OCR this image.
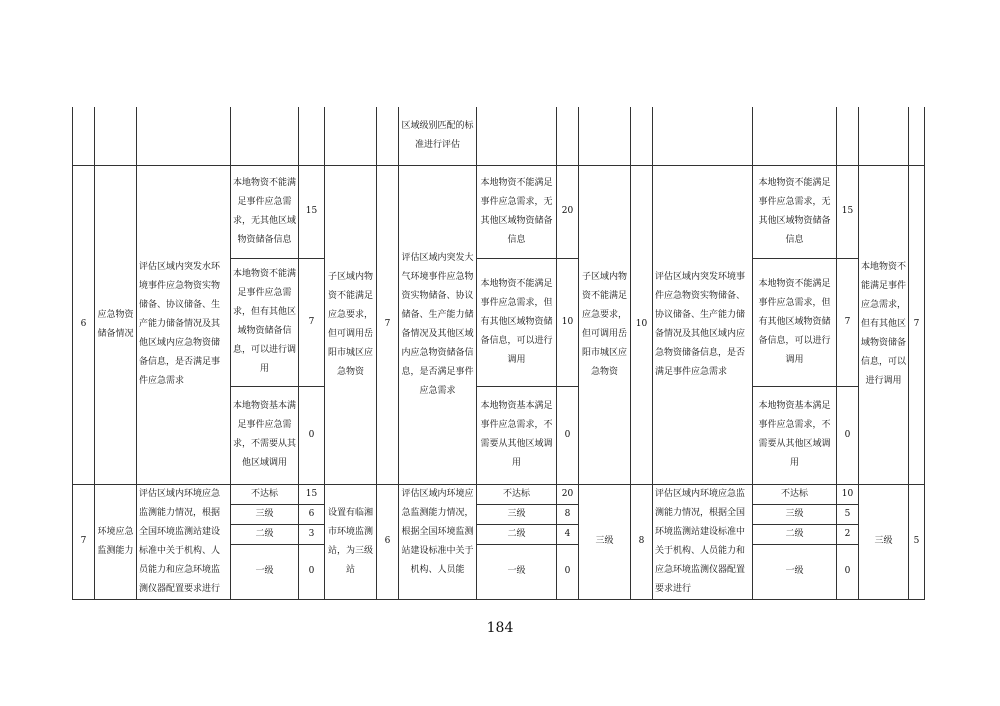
							区域级别匹配的标准进行评估									
6	应急物资储备情况	评估区域内突发水环境事件应急物资实物储备、协议储备、生产能力储备情况及其他区域内应急物资储备信息，是否满足事件应急需求	本地物资不能满足事件应急需求，无其他区域物资储备信息	15	子区域内物资不能满足应急要求，但可调用岳阳市城区应急物资	7	评估区域内突发大气环境事件应急物资实物储备、协议储备、生产能力储备情况及其他区域内应急物资储备信息，是否满足事件应急需求	本地物资不能满足事件应急需求，无其他区域物资储备信息	20	子区域内物资不能满足应急要求，但可调用岳阳市城区应急物资	10	评估区域内突发环境事件应急物资实物储备、协议储备、生产能力储备情况及其他区域内应急物资储备信息，是否满足事件应急需求	本地物资不能满足事件应急需求，无其他区域物资储备信息	15	本地物资不能满足事件应急需求，但有其他区域物资储备信息，可以进行调用	7
			本地物资不能满足事件应急需求，但有其他区域物资储备信息，可以进行调用	7				本地物资不能满足事件应急需求，但有其他区域物资储备信息，可以进行调用	10				本地物资不能满足事件应急需求，但有其他区域物资储备信息，可以进行调用	7		
			本地物资基本满足事件应急需求，不需要从其他区域调用	0				本地物资基本满足事件应急需求，不需要从其他区域调用	0				本地物资基本满足事件应急需求，不需要从其他区域调用	0		
7	环境应急监测能力	评估区域内环境应急监测能力情况，根据全国环境监测站建设标准中关于机构、人员能力和应急环境监测仪器配置要求进行	不达标	15	设置有临湘市环境监测站，为三级站	6	评估区域内环境应急监测能力情况，根据全国环境监测站建设标准中关于机构、人员能	不达标	20	三级	8	评估区域内环境应急监测能力情况，根据全国环境监测站建设标准中关于机构、人员能力和应急环境监测仪器配置要求进行	不达标	10	三级	5
			三级	6				三级	8				三级	5		
			二级	3				二级	4				二级	2		
			一级	0				一级	0				一级	0		
184
